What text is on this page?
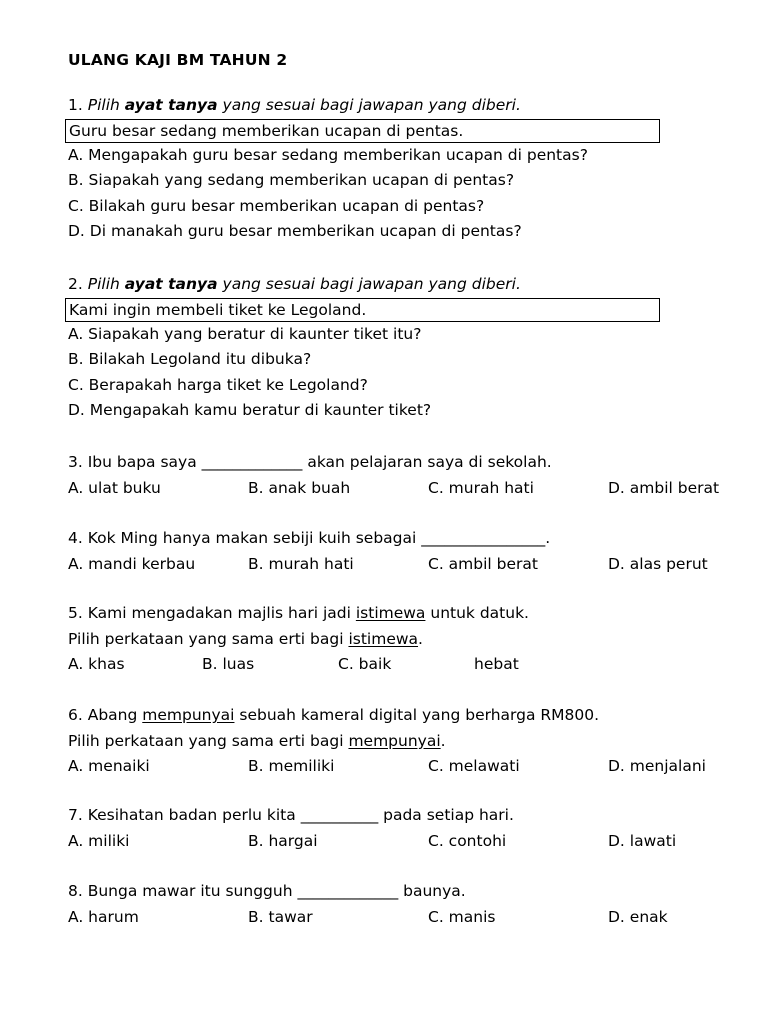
ULANG KAJI BM TAHUN 2
1. Pilih ayat tanya yang sesuai bagi jawapan yang diberi.
Guru besar sedang memberikan ucapan di pentas.
A. Mengapakah guru besar sedang memberikan ucapan di pentas?
B. Siapakah yang sedang memberikan ucapan di pentas?
C. Bilakah guru besar memberikan ucapan di pentas?
D. Di manakah guru besar memberikan ucapan di pentas?
2. Pilih ayat tanya yang sesuai bagi jawapan yang diberi.
Kami ingin membeli tiket ke Legoland.
A. Siapakah yang beratur di kaunter tiket itu?
B. Bilakah Legoland itu dibuka?
C. Berapakah harga tiket ke Legoland?
D. Mengapakah kamu beratur di kaunter tiket?
3. Ibu bapa saya _____________ akan pelajaran saya di sekolah.
A. ulat buku	B. anak buah	C. murah hati	D. ambil berat
4. Kok Ming hanya makan sebiji kuih sebagai ________________.
A. mandi kerbau	B. murah hati	C. ambil berat	D. alas perut
5. Kami mengadakan majlis hari jadi istimewa untuk datuk.
Pilih perkataan yang sama erti bagi istimewa.
A. khas	B. luas	C. baik	hebat
6. Abang mempunyai sebuah kameral digital yang berharga RM800.
Pilih perkataan yang sama erti bagi mempunyai.
A. menaiki	B. memiliki	C. melawati	D. menjalani
7. Kesihatan badan perlu kita __________ pada setiap hari.
A. miliki	B. hargai	C. contohi	D. lawati
8. Bunga mawar itu sungguh _____________ baunya.
A. harum	B. tawar	C. manis	D. enak
